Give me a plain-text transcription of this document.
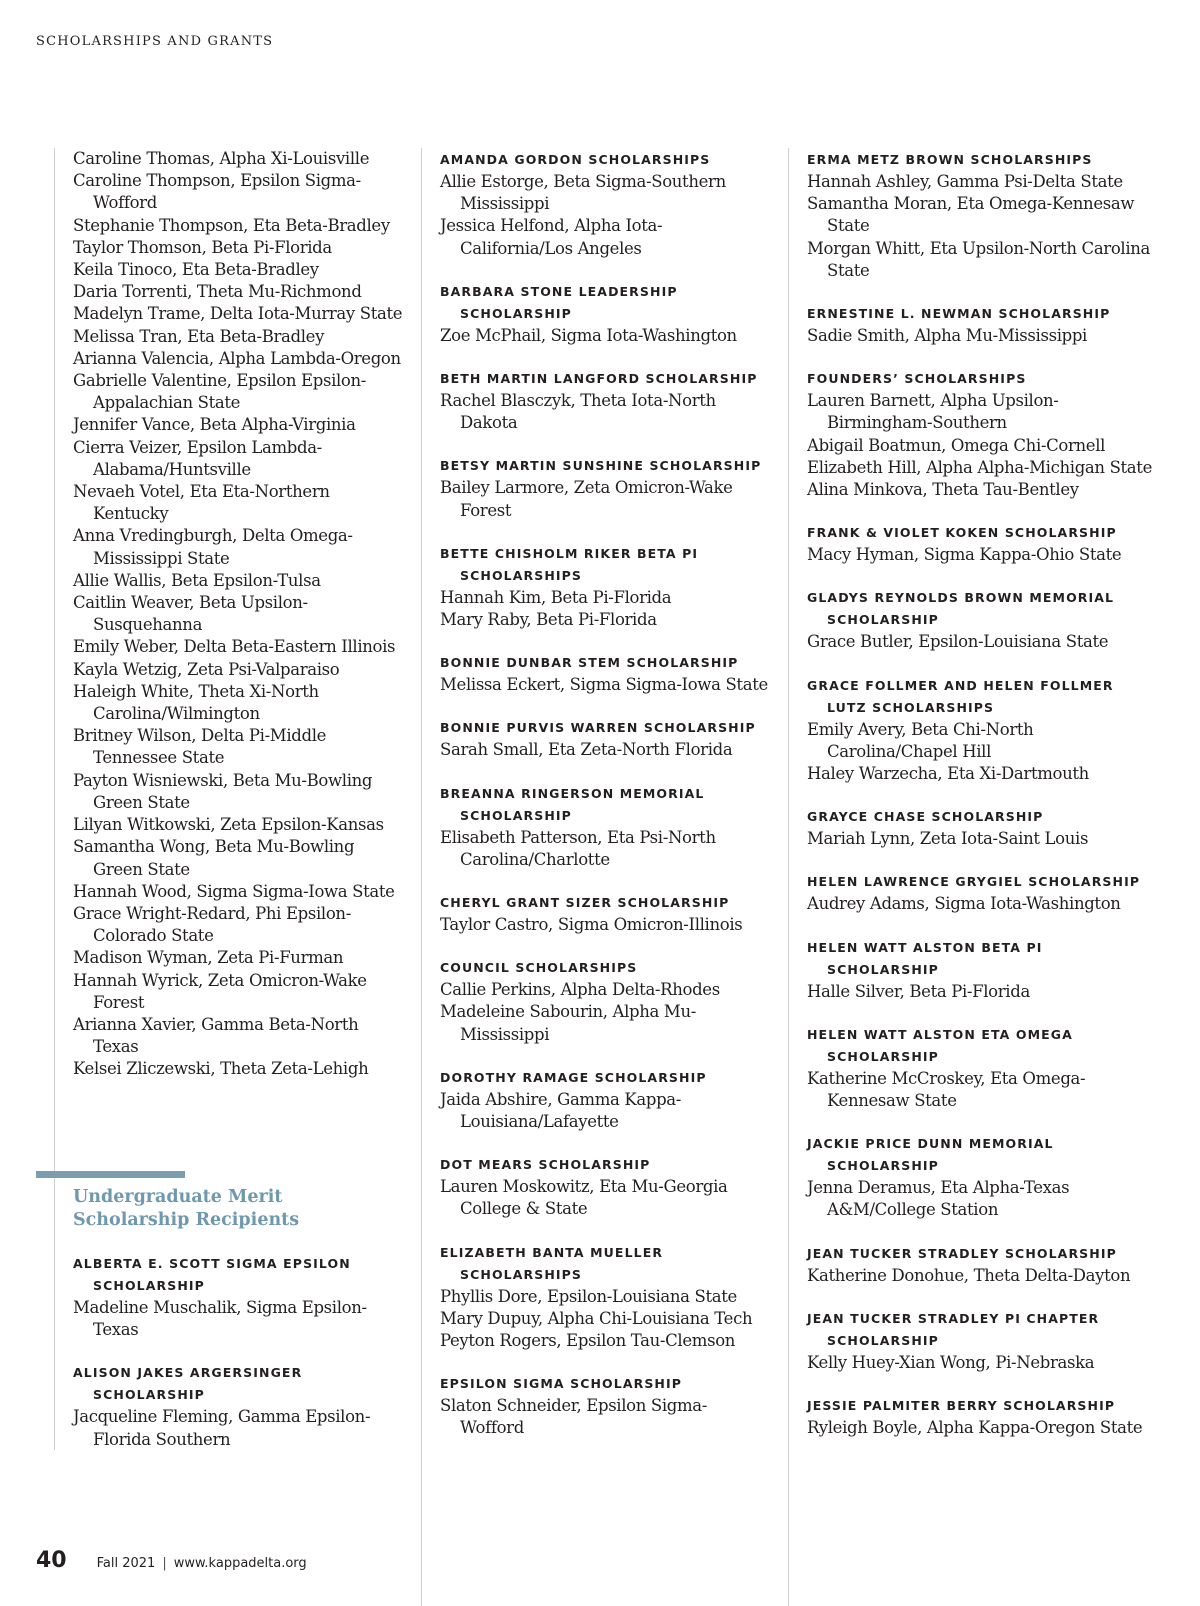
SCHOLARSHIPS AND GRANTS
Caroline Thomas, Alpha Xi-Louisville
Caroline Thompson, Epsilon Sigma-Wofford
Stephanie Thompson, Eta Beta-Bradley
Taylor Thomson, Beta Pi-Florida
Keila Tinoco, Eta Beta-Bradley
Daria Torrenti, Theta Mu-Richmond
Madelyn Trame, Delta Iota-Murray State
Melissa Tran, Eta Beta-Bradley
Arianna Valencia, Alpha Lambda-Oregon
Gabrielle Valentine, Epsilon Epsilon-Appalachian State
Jennifer Vance, Beta Alpha-Virginia
Cierra Veizer, Epsilon Lambda-Alabama/Huntsville
Nevaeh Votel, Eta Eta-Northern Kentucky
Anna Vredingburgh, Delta Omega-Mississippi State
Allie Wallis, Beta Epsilon-Tulsa
Caitlin Weaver, Beta Upsilon-Susquehanna
Emily Weber, Delta Beta-Eastern Illinois
Kayla Wetzig, Zeta Psi-Valparaiso
Haleigh White, Theta Xi-North Carolina/Wilmington
Britney Wilson, Delta Pi-Middle Tennessee State
Payton Wisniewski, Beta Mu-Bowling Green State
Lilyan Witkowski, Zeta Epsilon-Kansas
Samantha Wong, Beta Mu-Bowling Green State
Hannah Wood, Sigma Sigma-Iowa State
Grace Wright-Redard, Phi Epsilon-Colorado State
Madison Wyman, Zeta Pi-Furman
Hannah Wyrick, Zeta Omicron-Wake Forest
Arianna Xavier, Gamma Beta-North Texas
Kelsei Zliczewski, Theta Zeta-Lehigh
Undergraduate Merit Scholarship Recipients
ALBERTA E. SCOTT SIGMA EPSILON SCHOLARSHIP
Madeline Muschalik, Sigma Epsilon-Texas
ALISON JAKES ARGERSINGER SCHOLARSHIP
Jacqueline Fleming, Gamma Epsilon-Florida Southern
AMANDA GORDON SCHOLARSHIPS
Allie Estorge, Beta Sigma-Southern Mississippi
Jessica Helfond, Alpha Iota-California/Los Angeles
BARBARA STONE LEADERSHIP SCHOLARSHIP
Zoe McPhail, Sigma Iota-Washington
BETH MARTIN LANGFORD SCHOLARSHIP
Rachel Blasczyk, Theta Iota-North Dakota
BETSY MARTIN SUNSHINE SCHOLARSHIP
Bailey Larmore, Zeta Omicron-Wake Forest
BETTE CHISHOLM RIKER BETA PI SCHOLARSHIPS
Hannah Kim, Beta Pi-Florida
Mary Raby, Beta Pi-Florida
BONNIE DUNBAR STEM SCHOLARSHIP
Melissa Eckert, Sigma Sigma-Iowa State
BONNIE PURVIS WARREN SCHOLARSHIP
Sarah Small, Eta Zeta-North Florida
BREANNA RINGERSON MEMORIAL SCHOLARSHIP
Elisabeth Patterson, Eta Psi-North Carolina/Charlotte
CHERYL GRANT SIZER SCHOLARSHIP
Taylor Castro, Sigma Omicron-Illinois
COUNCIL SCHOLARSHIPS
Callie Perkins, Alpha Delta-Rhodes
Madeleine Sabourin, Alpha Mu-Mississippi
DOROTHY RAMAGE SCHOLARSHIP
Jaida Abshire, Gamma Kappa-Louisiana/Lafayette
DOT MEARS SCHOLARSHIP
Lauren Moskowitz, Eta Mu-Georgia College & State
ELIZABETH BANTA MUELLER SCHOLARSHIPS
Phyllis Dore, Epsilon-Louisiana State
Mary Dupuy, Alpha Chi-Louisiana Tech
Peyton Rogers, Epsilon Tau-Clemson
EPSILON SIGMA SCHOLARSHIP
Slaton Schneider, Epsilon Sigma-Wofford
ERMA METZ BROWN SCHOLARSHIPS
Hannah Ashley, Gamma Psi-Delta State
Samantha Moran, Eta Omega-Kennesaw State
Morgan Whitt, Eta Upsilon-North Carolina State
ERNESTINE L. NEWMAN SCHOLARSHIP
Sadie Smith, Alpha Mu-Mississippi
FOUNDERS’ SCHOLARSHIPS
Lauren Barnett, Alpha Upsilon-Birmingham-Southern
Abigail Boatmun, Omega Chi-Cornell
Elizabeth Hill, Alpha Alpha-Michigan State
Alina Minkova, Theta Tau-Bentley
FRANK & VIOLET KOKEN SCHOLARSHIP
Macy Hyman, Sigma Kappa-Ohio State
GLADYS REYNOLDS BROWN MEMORIAL SCHOLARSHIP
Grace Butler, Epsilon-Louisiana State
GRACE FOLLMER AND HELEN FOLLMER LUTZ SCHOLARSHIPS
Emily Avery, Beta Chi-North Carolina/Chapel Hill
Haley Warzecha, Eta Xi-Dartmouth
GRAYCE CHASE SCHOLARSHIP
Mariah Lynn, Zeta Iota-Saint Louis
HELEN LAWRENCE GRYGIEL SCHOLARSHIP
Audrey Adams, Sigma Iota-Washington
HELEN WATT ALSTON BETA PI SCHOLARSHIP
Halle Silver, Beta Pi-Florida
HELEN WATT ALSTON ETA OMEGA SCHOLARSHIP
Katherine McCroskey, Eta Omega-Kennesaw State
JACKIE PRICE DUNN MEMORIAL SCHOLARSHIP
Jenna Deramus, Eta Alpha-Texas A&M/College Station
JEAN TUCKER STRADLEY SCHOLARSHIP
Katherine Donohue, Theta Delta-Dayton
JEAN TUCKER STRADLEY PI CHAPTER SCHOLARSHIP
Kelly Huey-Xian Wong, Pi-Nebraska
JESSIE PALMITER BERRY SCHOLARSHIP
Ryleigh Boyle, Alpha Kappa-Oregon State
40 Fall 2021 | www.kappadelta.org
